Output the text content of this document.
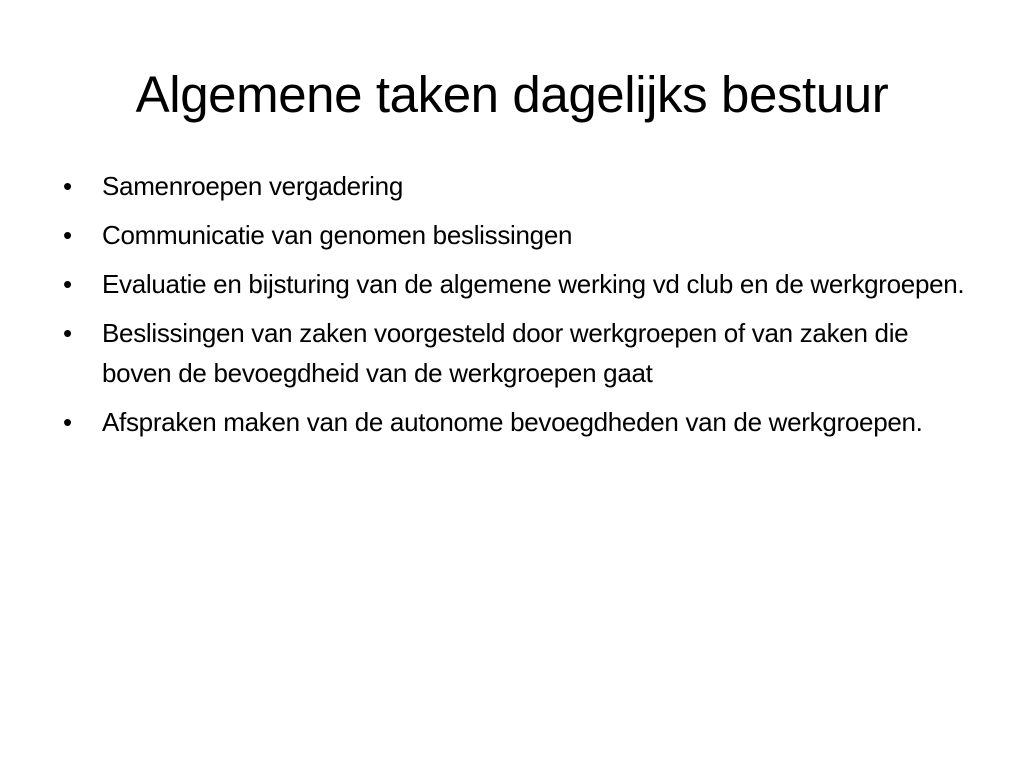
Algemene taken dagelijks bestuur
• Samenroepen vergadering
• Communicatie van genomen beslissingen
• Evaluatie en bijsturing van de algemene werking vd club en de werkgroepen.
• Beslissingen van zaken voorgesteld door werkgroepen of van zaken die boven de bevoegdheid van de werkgroepen gaat
• Afspraken maken van de autonome bevoegdheden van de werkgroepen.
